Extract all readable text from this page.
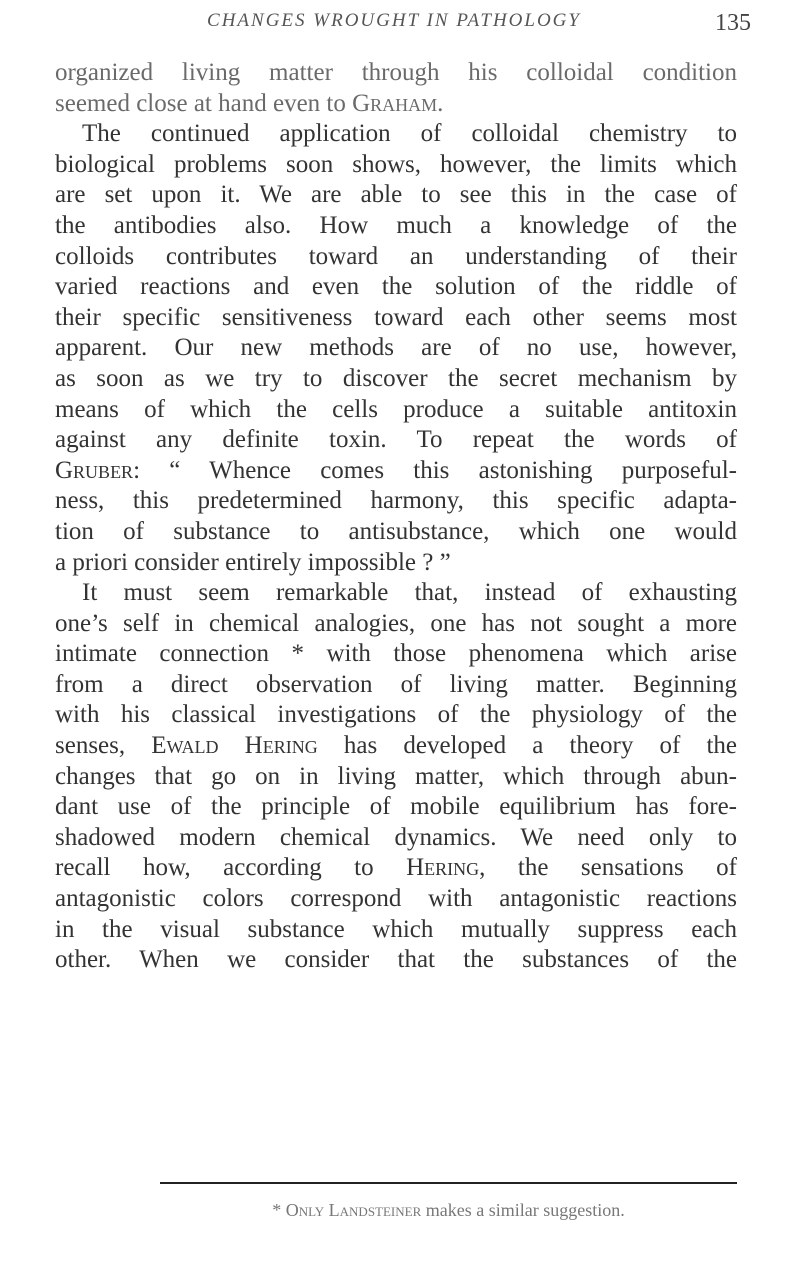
CHANGES WROUGHT IN PATHOLOGY	135
organized living matter through his colloidal condition
seemed close at hand even to Graham.
The continued application of colloidal chemistry to
biological problems soon shows, however, the limits which
are set upon it. We are able to see this in the case of
the antibodies also. How much a knowledge of the
colloids contributes toward an understanding of their
varied reactions and even the solution of the riddle of
their specific sensitiveness toward each other seems most
apparent. Our new methods are of no use, however,
as soon as we try to discover the secret mechanism by
means of which the cells produce a suitable antitoxin
against any definite toxin. To repeat the words of
Gruber: “ Whence comes this astonishing purposeful-
ness, this predetermined harmony, this specific adapta-
tion of substance to antisubstance, which one would
a priori consider entirely impossible ? ”
It must seem remarkable that, instead of exhausting
one’s self in chemical analogies, one has not sought a more
intimate connection * with those phenomena which arise
from a direct observation of living matter. Beginning
with his classical investigations of the physiology of the
senses, Ewald Hering has developed a theory of the
changes that go on in living matter, which through abun-
dant use of the principle of mobile equilibrium has fore-
shadowed modern chemical dynamics. We need only to
recall how, according to Hering, the sensations of
antagonistic colors correspond with antagonistic reactions
in the visual substance which mutually suppress each
other. When we consider that the substances of the
* Only Landsteiner makes a similar suggestion.
